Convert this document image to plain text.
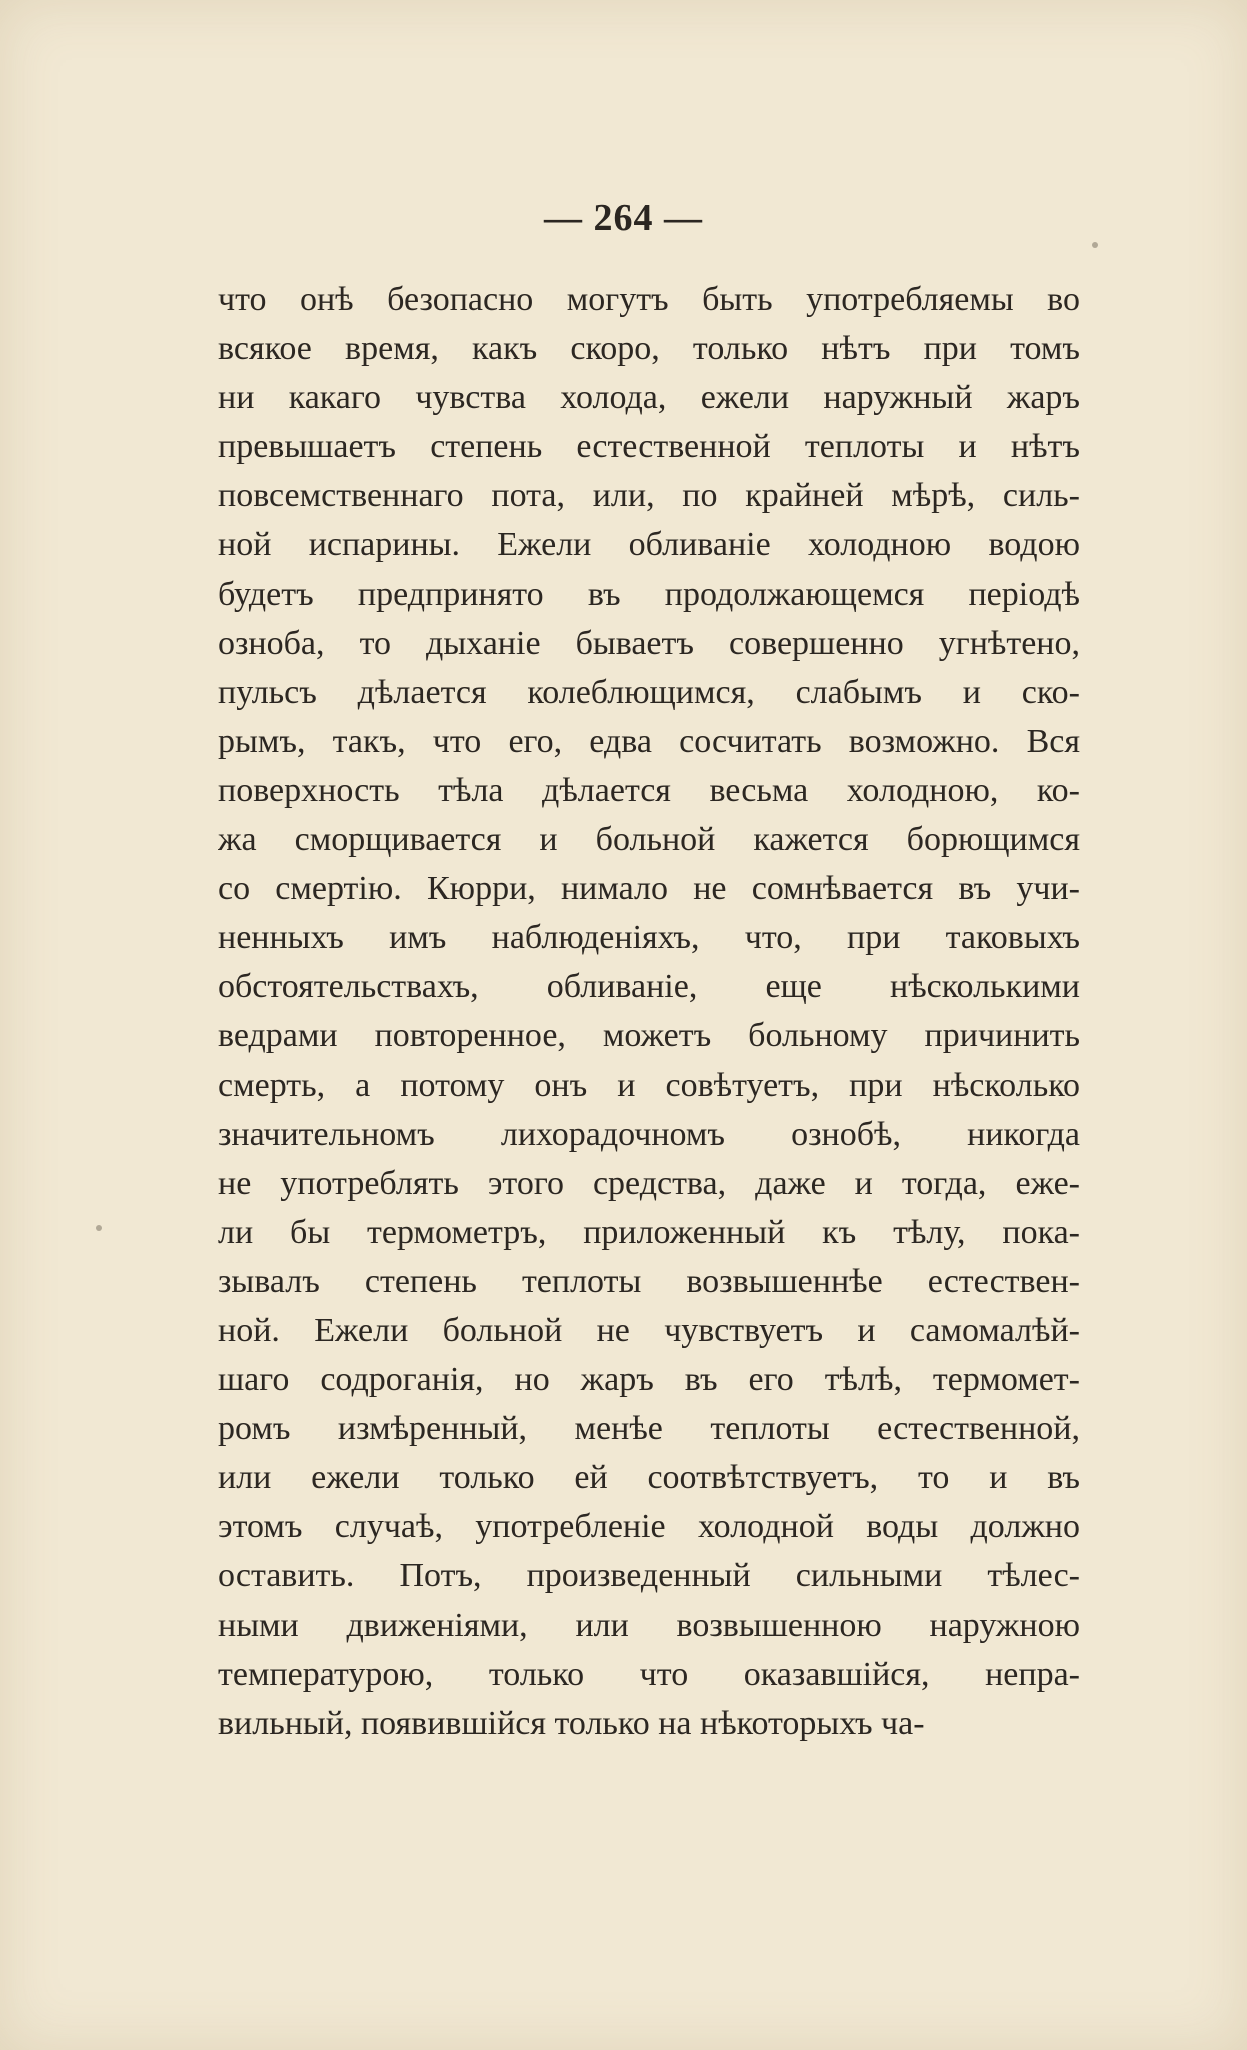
— 264 —
что онѣ безопасно могутъ быть употребляемы во
всякое время, какъ скоро, только нѣтъ при томъ
ни какаго чувства холода, ежели наружный жаръ
превышаетъ степень естественной теплоты и нѣтъ
повсемственнаго пота, или, по крайней мѣрѣ, силь-
ной испарины. Ежели обливаніе холодною водою
будетъ предпринято въ продолжающемся періодѣ
озноба, то дыханіе бываетъ совершенно угнѣтено,
пульсъ дѣлается колеблющимся, слабымъ и ско-
рымъ, такъ, что его, едва сосчитать возможно. Вся
поверхность тѣла дѣлается весьма холодною, ко-
жа сморщивается и больной кажется борющимся
со смертію. Кюрри, нимало не сомнѣвается въ учи-
ненныхъ имъ наблюденіяхъ, что, при таковыхъ
обстоятельствахъ, обливаніе, еще нѣсколькими
ведрами повторенное, можетъ больному причинить
смерть, а потому онъ и совѣтуетъ, при нѣсколько
значительномъ лихорадочномъ ознобѣ, никогда
не употреблять этого средства, даже и тогда, еже-
ли бы термометръ, приложенный къ тѣлу, пока-
зывалъ степень теплоты возвышеннѣе естествен-
ной. Ежели больной не чувствуетъ и самомалѣй-
шаго содроганія, но жаръ въ его тѣлѣ, термомет-
ромъ измѣренный, менѣе теплоты естественной,
или ежели только ей соотвѣтствуетъ, то и въ
этомъ случаѣ, употребленіе холодной воды должно
оставить. Потъ, произведенный сильными тѣлес-
ными движеніями, или возвышенною наружною
температурою, только что оказавшійся, непра-
вильный, появившійся только на нѣкоторыхъ ча-
